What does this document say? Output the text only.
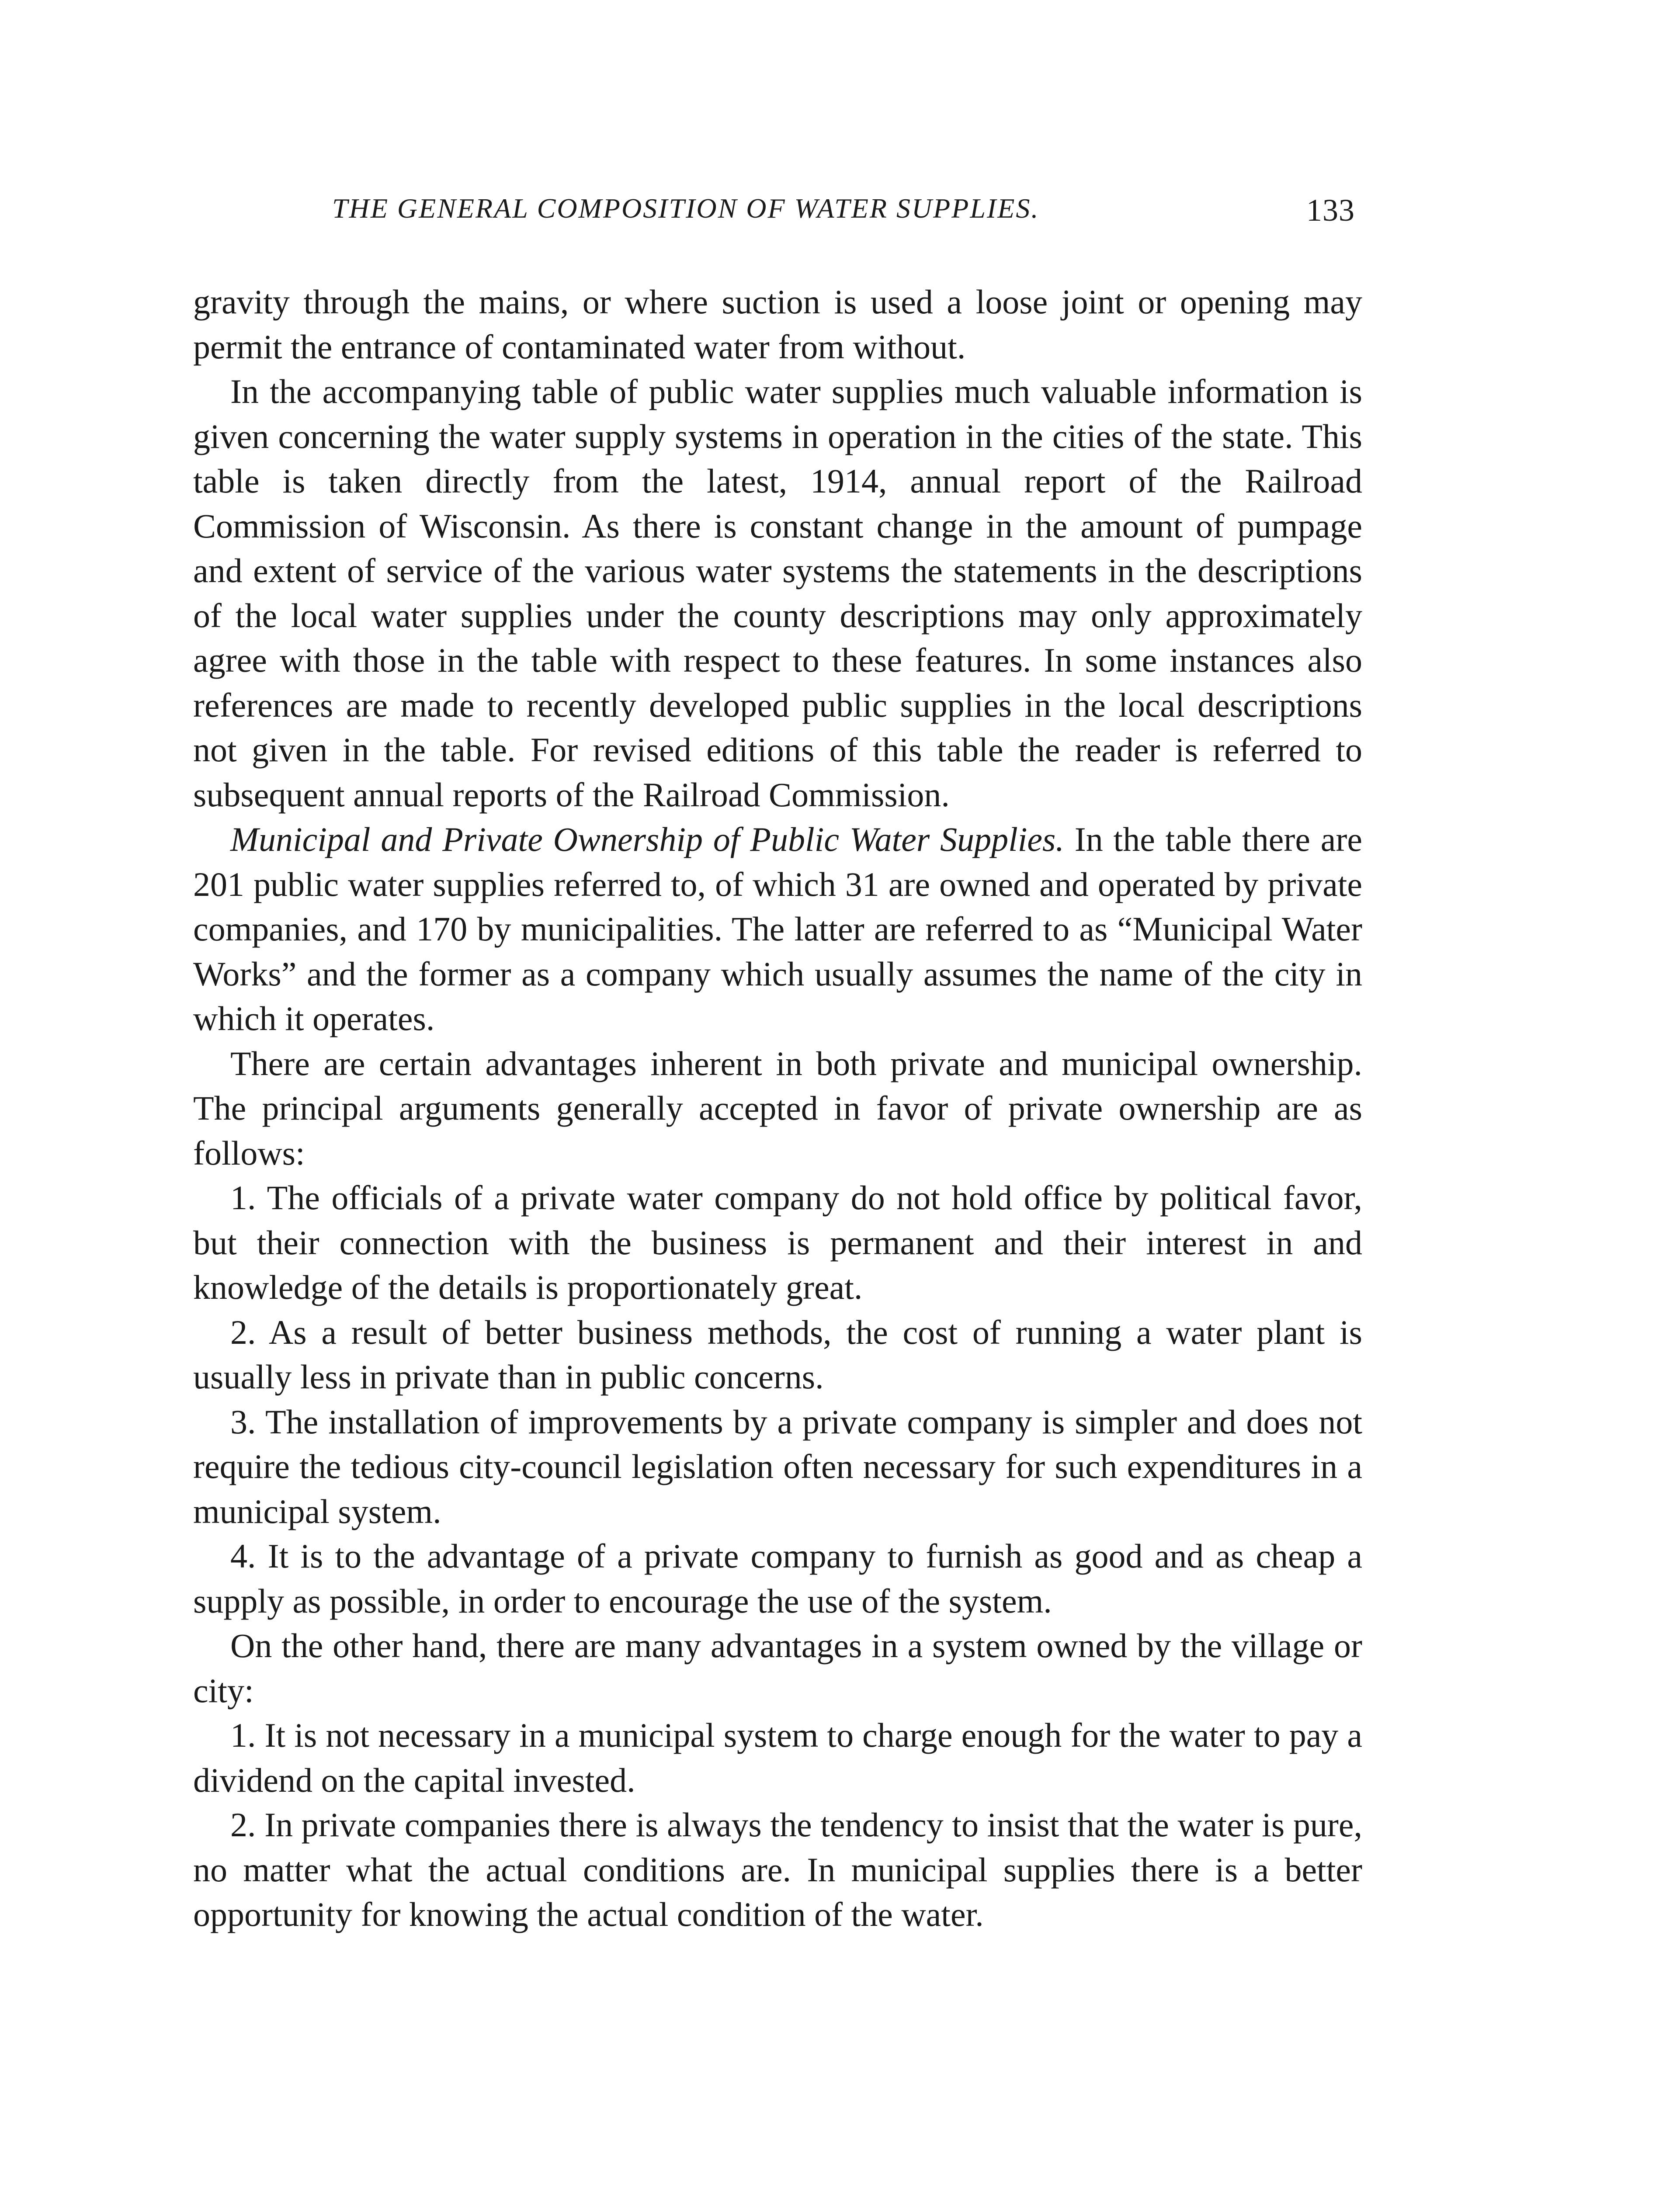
THE GENERAL COMPOSITION OF WATER SUPPLIES.	133

gravity through the mains, or where suction is used a loose joint or opening may permit the entrance of contaminated water from without.

In the accompanying table of public water supplies much valuable information is given concerning the water supply systems in operation in the cities of the state. This table is taken directly from the latest, 1914, annual report of the Railroad Commission of Wisconsin. As there is constant change in the amount of pumpage and extent of service of the various water systems the statements in the descriptions of the local water supplies under the county descriptions may only approximately agree with those in the table with respect to these features. In some instances also references are made to recently developed public supplies in the local descriptions not given in the table. For revised editions of this table the reader is referred to subsequent annual reports of the Railroad Commission.

Municipal and Private Ownership of Public Water Supplies. In the table there are 201 public water supplies referred to, of which 31 are owned and operated by private companies, and 170 by municipalities. The latter are referred to as “Municipal Water Works” and the former as a company which usually assumes the name of the city in which it operates.

There are certain advantages inherent in both private and municipal ownership. The principal arguments generally accepted in favor of private ownership are as follows:

1. The officials of a private water company do not hold office by political favor, but their connection with the business is permanent and their interest in and knowledge of the details is proportionately great.

2. As a result of better business methods, the cost of running a water plant is usually less in private than in public concerns.

3. The installation of improvements by a private company is simpler and does not require the tedious city-council legislation often necessary for such expenditures in a municipal system.

4. It is to the advantage of a private company to furnish as good and as cheap a supply as possible, in order to encourage the use of the system.

On the other hand, there are many advantages in a system owned by the village or city:

1. It is not necessary in a municipal system to charge enough for the water to pay a dividend on the capital invested.

2. In private companies there is always the tendency to insist that the water is pure, no matter what the actual conditions are. In municipal supplies there is a better opportunity for knowing the actual condition of the water.
